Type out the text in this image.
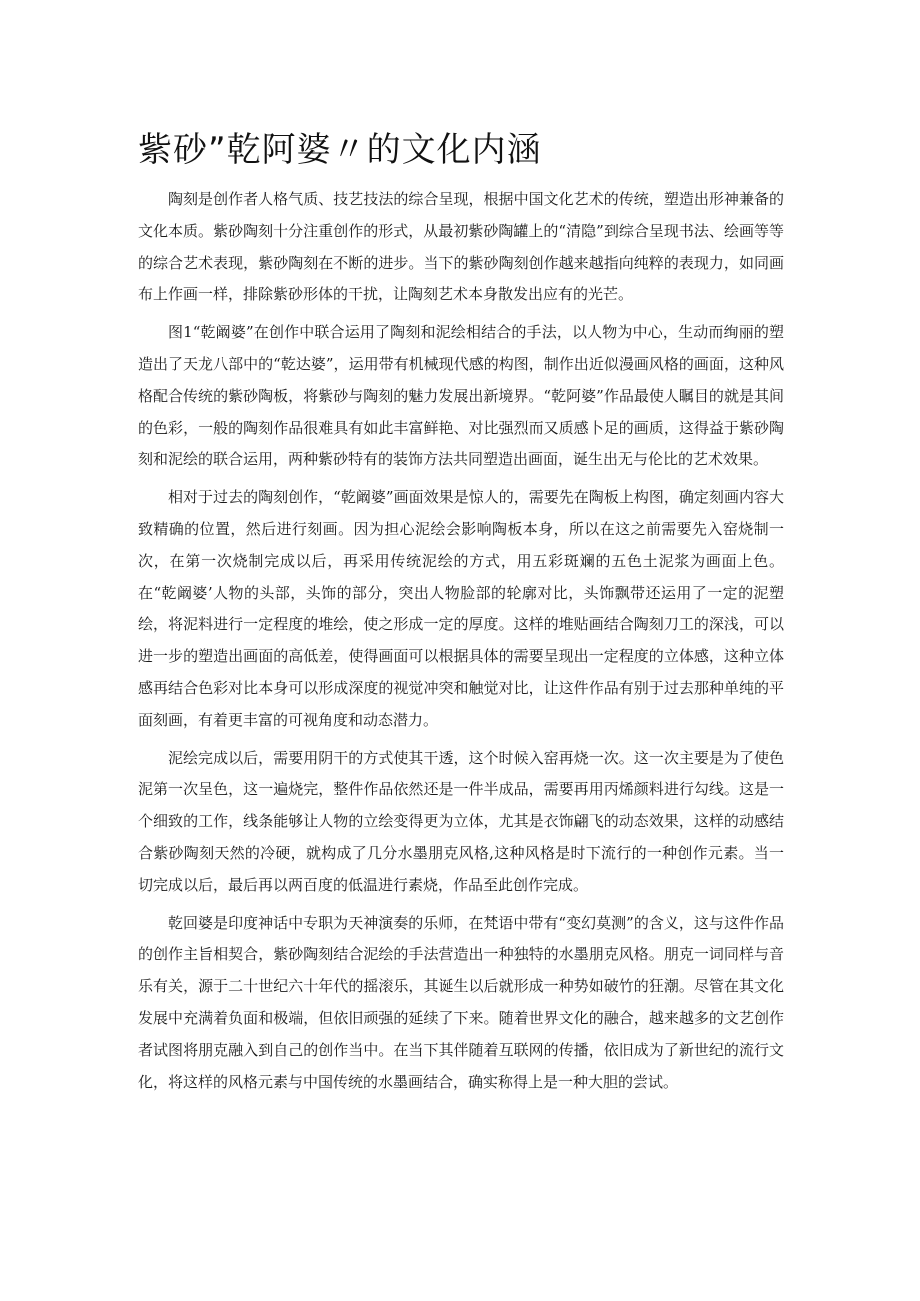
紫砂”乾阿婆〃的文化内涵

陶刻是创作者人格气质、技艺技法的综合呈现，根据中国文化艺术的传统，塑造出形神兼备的文化本质。紫砂陶刻十分注重创作的形式，从最初紫砂陶罐上的“清隐”到综合呈现书法、绘画等等的综合艺术表现，紫砂陶刻在不断的进步。当下的紫砂陶刻创作越来越指向纯粹的表现力，如同画布上作画一样，排除紫砂形体的干扰，让陶刻艺术本身散发出应有的光芒。

图1“乾阚婆”在创作中联合运用了陶刻和泥绘相结合的手法，以人物为中心，生动而绚丽的塑造出了天龙八部中的“乾达婆”，运用带有机械现代感的构图，制作出近似漫画风格的画面，这种风格配合传统的紫砂陶板，将紫砂与陶刻的魅力发展出新境界。“乾阿婆”作品最使人瞩目的就是其间的色彩，一般的陶刻作品很难具有如此丰富鲜艳、对比强烈而又质感卜足的画质，这得益于紫砂陶刻和泥绘的联合运用，两种紫砂特有的装饰方法共同塑造出画面，诞生出无与伦比的艺术效果。

相对于过去的陶刻创作，“乾阚婆”画面效果是惊人的，需要先在陶板上构图，确定刻画内容大致精确的位置，然后进行刻画。因为担心泥绘会影响陶板本身，所以在这之前需要先入窑烧制一次，在第一次烧制完成以后，再采用传统泥绘的方式，用五彩斑斓的五色土泥浆为画面上色。在“乾阚婆’人物的头部，头饰的部分，突出人物脸部的轮廓对比，头饰飘带还运用了一定的泥塑绘，将泥料进行一定程度的堆绘，使之形成一定的厚度。这样的堆贴画结合陶刻刀工的深浅，可以进一步的塑造出画面的高低差，使得画面可以根据具体的需要呈现出一定程度的立体感，这种立体感再结合色彩对比本身可以形成深度的视觉冲突和触觉对比，让这件作品有别于过去那种单纯的平面刻画，有着更丰富的可视角度和动态潜力。

泥绘完成以后，需要用阴干的方式使其干透，这个时候入窑再烧一次。这一次主要是为了使色泥第一次呈色，这一遍烧完，整件作品依然还是一件半成品，需要再用丙烯颜料进行勾线。这是一个细致的工作，线条能够让人物的立绘变得更为立体，尤其是衣饰翩飞的动态效果，这样的动感结合紫砂陶刻天然的冷硬，就构成了几分水墨朋克风格,这种风格是时下流行的一种创作元素。当一切完成以后，最后再以两百度的低温进行素烧，作品至此创作完成。

乾回婆是印度神话中专职为天神演奏的乐师，在梵语中带有“变幻莫测”的含义，这与这件作品的创作主旨相契合，紫砂陶刻结合泥绘的手法营造出一种独特的水墨朋克风格。朋克一词同样与音乐有关，源于二十世纪六十年代的摇滚乐，其诞生以后就形成一种势如破竹的狂潮。尽管在其文化发展中充满着负面和极端，但依旧顽强的延续了下来。随着世界文化的融合，越来越多的文艺创作者试图将朋克融入到自己的创作当中。在当下其伴随着互联网的传播，依旧成为了新世纪的流行文化，将这样的风格元素与中国传统的水墨画结合，确实称得上是一种大胆的尝试。
